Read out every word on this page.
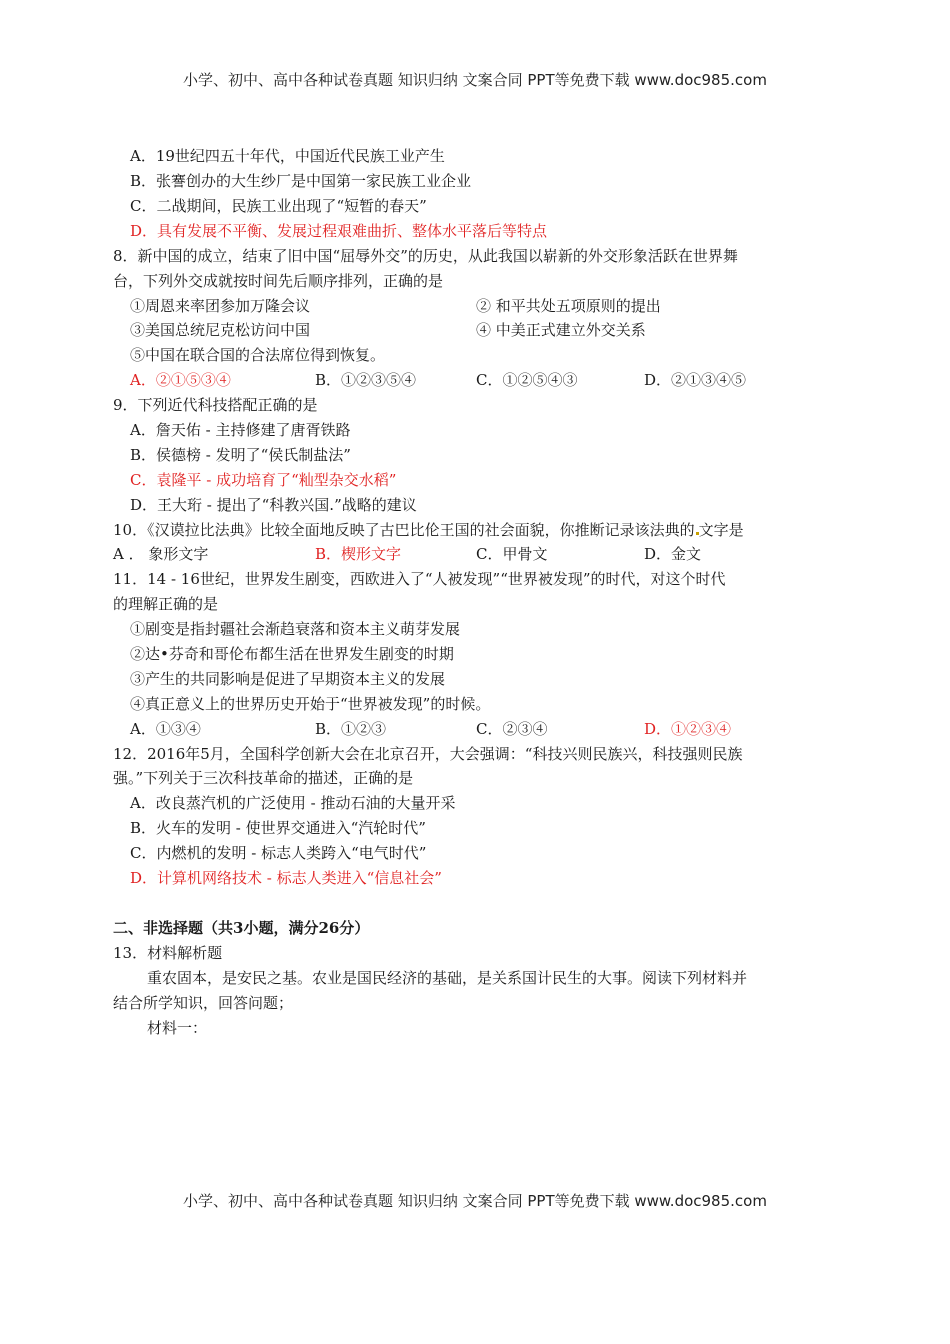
小学、初中、高中各种试卷真题 知识归纳 文案合同 PPT等免费下载 www.doc985.com
A．19世纪四五十年代，中国近代民族工业产生
B．张謇创办的大生纱厂是中国第一家民族工业企业
C．二战期间，民族工业出现了“短暂的春天”
D．具有发展不平衡、发展过程艰难曲折、整体水平落后等特点
8．新中国的成立，结束了旧中国“屈辱外交”的历史，从此我国以崭新的外交形象活跃在世界舞
台，下列外交成就按时间先后顺序排列，正确的是
①周恩来率团参加万隆会议	② 和平共处五项原则的提出
③美国总统尼克松访问中国	④ 中美正式建立外交关系
⑤中国在联合国的合法席位得到恢复。
A．②①⑤③④	B．①②③⑤④	C．①②⑤④③	D．②①③④⑤
9．下列近代科技搭配正确的是
A．詹天佑 - 主持修建了唐胥铁路
B．侯德榜 - 发明了“侯氏制盐法”
C．袁隆平 - 成功培育了“籼型杂交水稻”
D．王大珩 - 提出了“科教兴国.”战略的建议
10．《汉谟拉比法典》比较全面地反映了古巴比伦王国的社会面貌，你推断记录该法典的 文字是
A ． 象形文字	B．楔形文字	C．甲骨文	D．金文
11．14 - 16世纪，世界发生剧变，西欧进入了“人被发现”“世界被发现”的时代，对这个时代
的理解正确的是
①剧变是指封疆社会渐趋衰落和资本主义萌芽发展
②达•芬奇和哥伦布都生活在世界发生剧变的时期
③产生的共同影响是促进了早期资本主义的发展
④真正意义上的世界历史开始于“世界被发现”的时候。
A．①③④	B．①②③	C．②③④	D．①②③④
12．2016年5月，全国科学创新大会在北京召开，大会强调：“科技兴则民族兴，科技强则民族
强。”下列关于三次科技革命的描述，正确的是
A．改良蒸汽机的广泛使用 - 推动石油的大量开采
B．火车的发明 - 使世界交通进入“汽轮时代”
C．内燃机的发明 - 标志人类跨入“电气时代”
D．计算机网络技术 - 标志人类进入“信息社会”
二、非选择题（共3小题，满分26分）
13．材料解析题
重农固本，是安民之基。农业是国民经济的基础，是关系国计民生的大事。阅读下列材料并
结合所学知识，回答问题；
材料一：
小学、初中、高中各种试卷真题 知识归纳 文案合同 PPT等免费下载 www.doc985.com
